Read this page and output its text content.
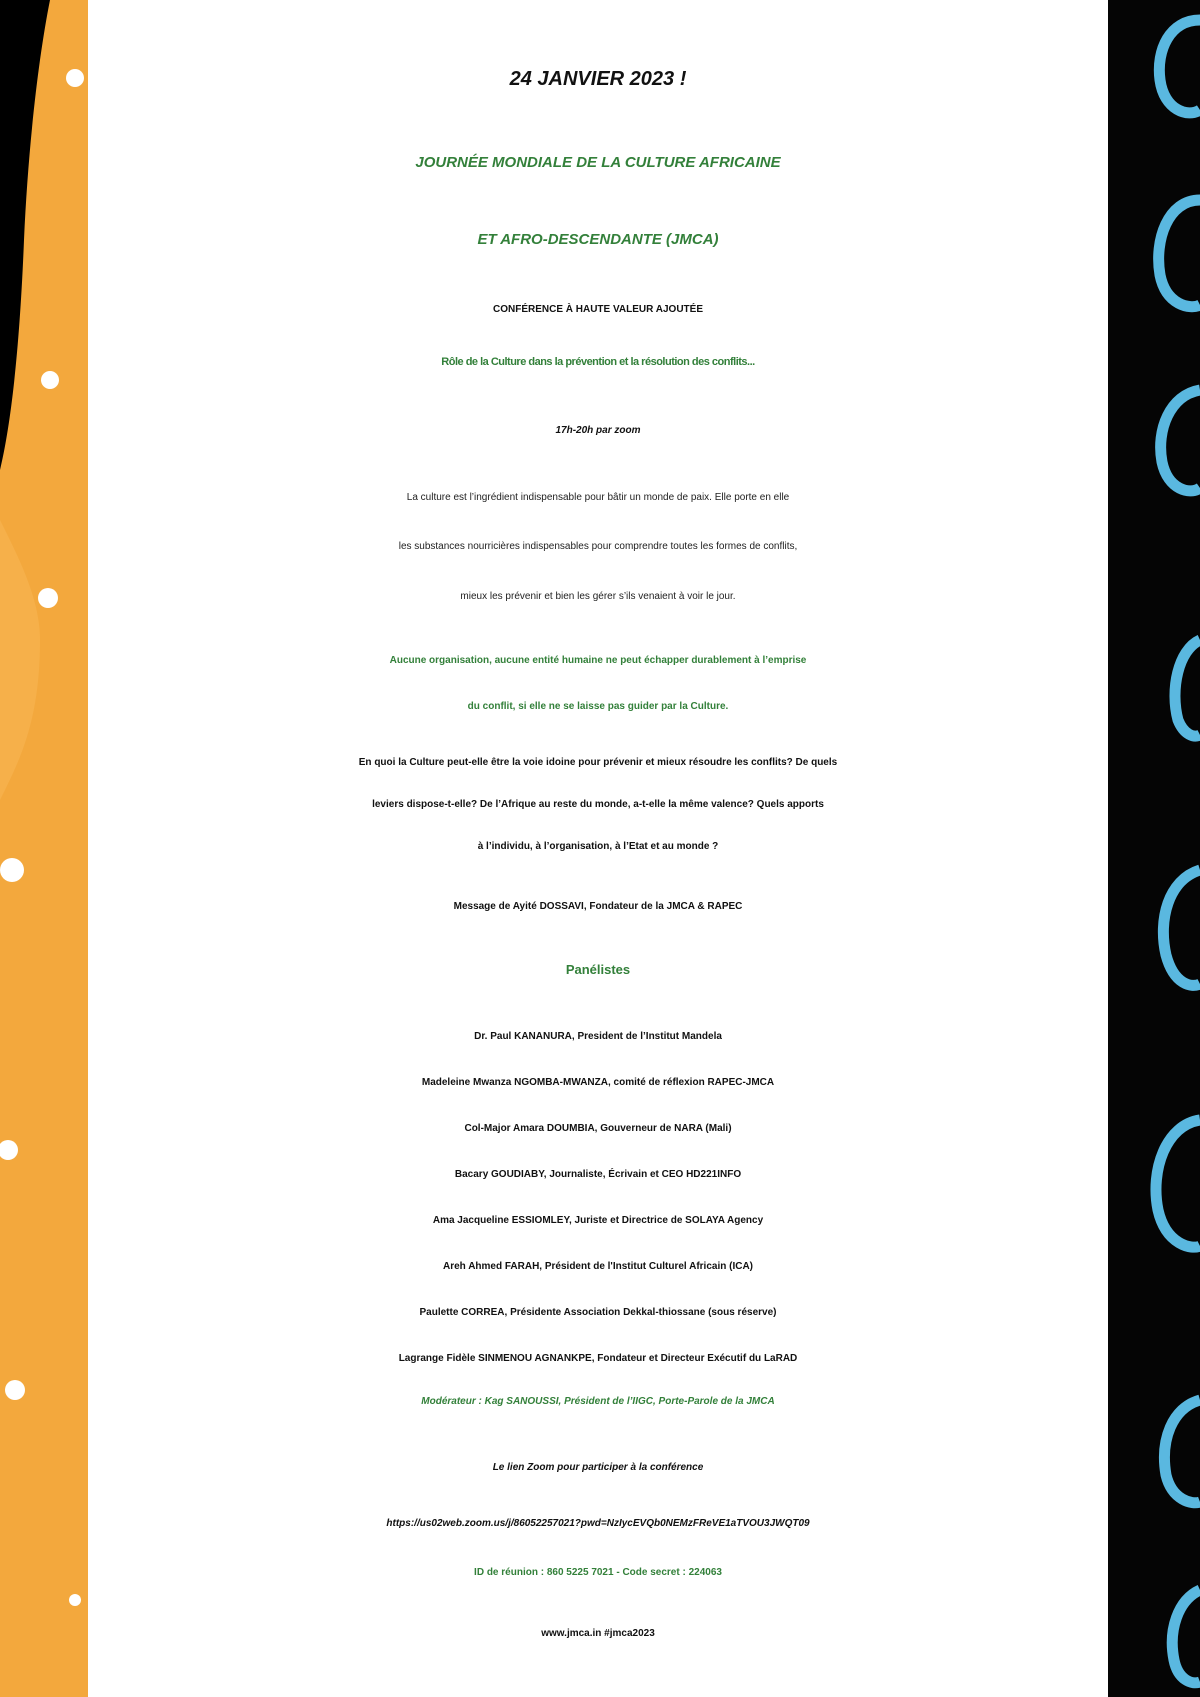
24 JANVIER 2023 !
JOURNÉE MONDIALE DE LA CULTURE AFRICAINE
ET AFRO-DESCENDANTE (JMCA)

CONFÉRENCE À HAUTE VALEUR AJOUTÉE

Rôle de la Culture dans la prévention et la résolution des conflits...

17h-20h par zoom

La culture est l’ingrédient indispensable pour bâtir un monde de paix. Elle porte en elle

les substances nourricières indispensables pour comprendre toutes les formes de conflits,

mieux les prévenir et bien les gérer s’ils venaient à voir le jour.

Aucune organisation, aucune entité humaine ne peut échapper durablement à l’emprise

du conflit, si elle ne se laisse pas guider par la Culture.

En quoi la Culture peut-elle être la voie idoine pour prévenir et mieux résoudre les conflits? De quels

leviers dispose-t-elle? De l’Afrique au reste du monde, a-t-elle la même valence? Quels apports

à l’individu, à l’organisation, à l’Etat et au monde ?

Message de Ayité DOSSAVI, Fondateur de la JMCA & RAPEC

Panélistes

Dr. Paul KANANURA, President de l’Institut Mandela

Madeleine Mwanza NGOMBA-MWANZA, comité de réflexion RAPEC-JMCA

Col-Major Amara DOUMBIA, Gouverneur de NARA (Mali)

Bacary GOUDIABY, Journaliste, Écrivain et CEO HD221INFO

Ama Jacqueline ESSIOMLEY, Juriste et Directrice de SOLAYA Agency

Areh Ahmed FARAH, Président de l'Institut Culturel Africain (ICA)

Paulette CORREA, Présidente Association Dekkal-thiossane (sous réserve)

Lagrange Fidèle SINMENOU AGNANKPE, Fondateur et Directeur Exécutif du LaRAD

Modérateur : Kag SANOUSSI, Président de l’IIGC, Porte-Parole de la JMCA

Le lien Zoom pour participer à la conférence

https://us02web.zoom.us/j/86052257021?pwd=NzIycEVQb0NEMzFReVE1aTVOU3JWQT09

ID de réunion : 860 5225 7021 - Code secret : 224063

www.jmca.in #jmca2023
